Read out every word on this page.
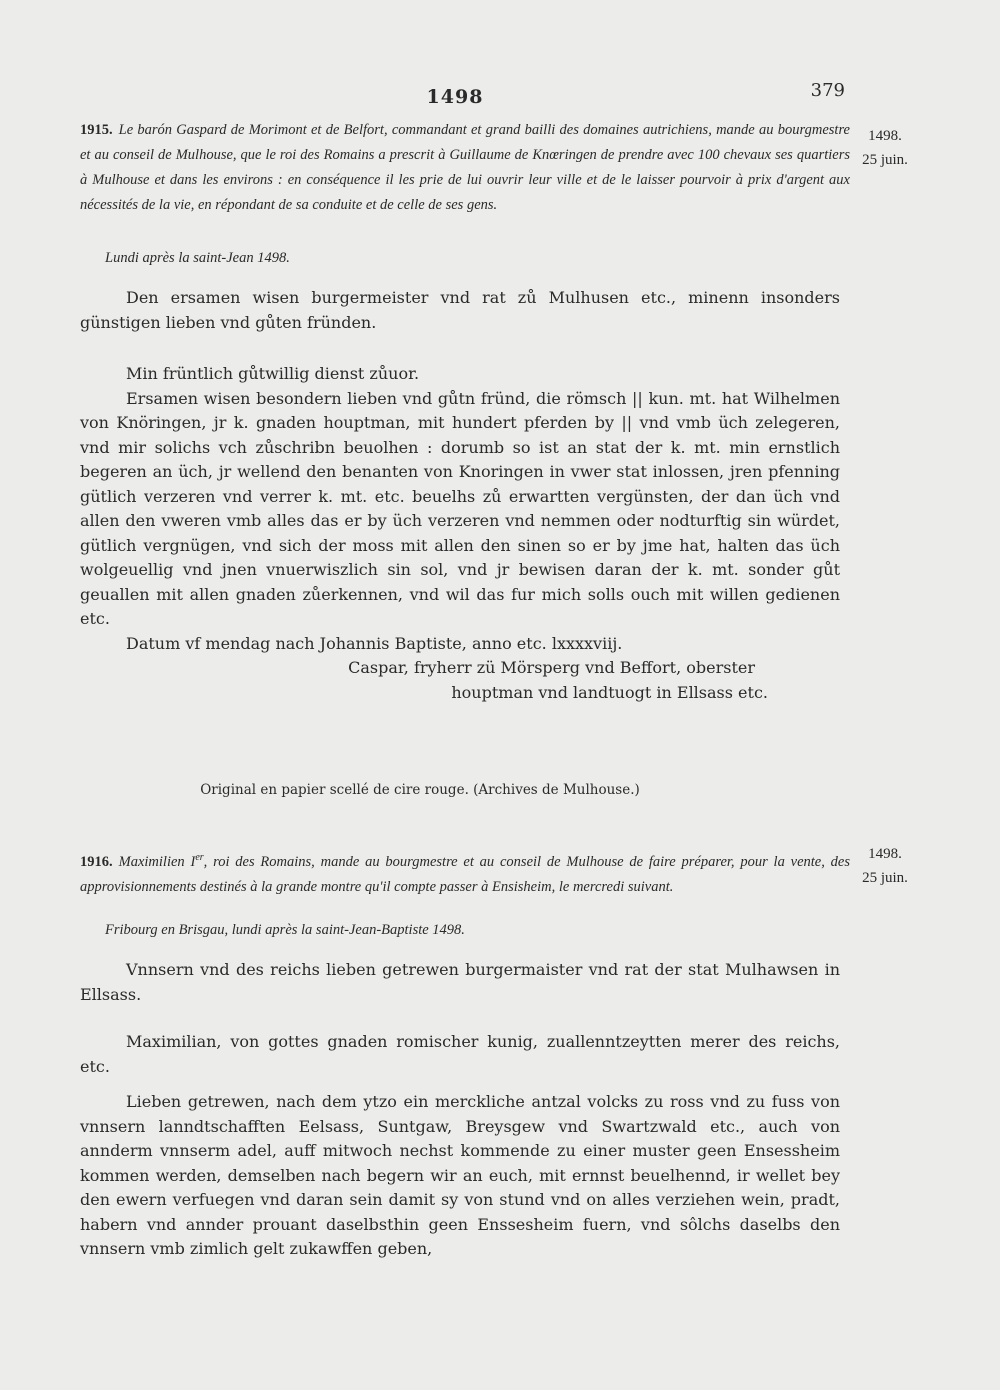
1498	379
1915. Le barón Gaspard de Morimont et de Belfort, commandant et grand bailli des domaines autrichiens, mande au bourgmestre et au conseil de Mulhouse, que le roi des Romains a prescrit à Guillaume de Knœringen de prendre avec 100 chevaux ses quartiers à Mulhouse et dans les environs : en conséquence il les prie de lui ouvrir leur ville et de le laisser pourvoir à prix d'argent aux nécessités de la vie, en répondant de sa conduite et de celle de ses gens.
Lundi après la saint-Jean 1498.
1498.
25 juin.

Den ersamen wisen burgermeister vnd rat zů Mulhusen etc., minenn insonders günstigen lieben vnd gůten fründen.

Min früntlich gůtwillig dienst zůuor.

Ersamen wisen besondern lieben vnd gůtn fründ, die römsch || kun. mt. hat Wilhelmen von Knöringen, jr k. gnaden houptman, mit hundert pferden by || vnd vmb üch zelegeren, vnd mir solichs vch zůschribn beuolhen : dorumb so ist an stat der k. mt. min ernstlich begeren an üch, jr wellend den benanten von Knoringen in vwer stat inlossen, jren pfenning gütlich verzeren vnd verrer k. mt. etc. beuelhs zů erwartten vergünsten, der dan üch vnd allen den vweren vmb alles das er by üch verzeren vnd nemmen oder nodturftig sin würdet, gütlich vergnügen, vnd sich der moss mit allen den sinen so er by jme hat, halten das üch wolgeuellig vnd jnen vnuerwiszlich sin sol, vnd jr bewisen daran der k. mt. sonder gůt geuallen mit allen gnaden zůerkennen, vnd wil das fur mich solls ouch mit willen gedienen etc.

Datum vf mendag nach Johannis Baptiste, anno etc. lxxxxviij.

Caspar, fryherr zü Mörsperg vnd Beffort, oberster
houptman vnd landtuogt in Ellsass etc.

Original en papier scellé de cire rouge. (Archives de Mulhouse.)
1916. Maximilien Ier, roi des Romains, mande au bourgmestre et au conseil de Mulhouse de faire préparer, pour la vente, des approvisionnements destinés à la grande montre qu'il compte passer à Ensisheim, le mercredi suivant.
Fribourg en Brisgau, lundi après la saint-Jean-Baptiste 1498.
1498.
25 juin.

Vnnsern vnd des reichs lieben getrewen burgermaister vnd rat der stat Mulhawsen in Ellsass.

Maximilian, von gottes gnaden romischer kunig, zuallenntzeytten merer des reichs, etc.

Lieben getrewen, nach dem ytzo ein merckliche antzal volcks zu ross vnd zu fuss von vnnsern lanndtschafften Eelsass, Suntgaw, Breysgew vnd Swartzwald etc., auch von annderm vnnserm adel, auff mitwoch nechst kommende zu einer muster geen Ensessheim kommen werden, demselben nach begern wir an euch, mit ernnst beuelhennd, ir wellet bey den ewern verfuegen vnd daran sein damit sy von stund vnd on alles verziehen wein, pradt, habern vnd annder prouant daselbsthin geen Enssesheim fuern, vnd sôlchs daselbs den vnnsern vmb zimlich gelt zukawffen geben,
